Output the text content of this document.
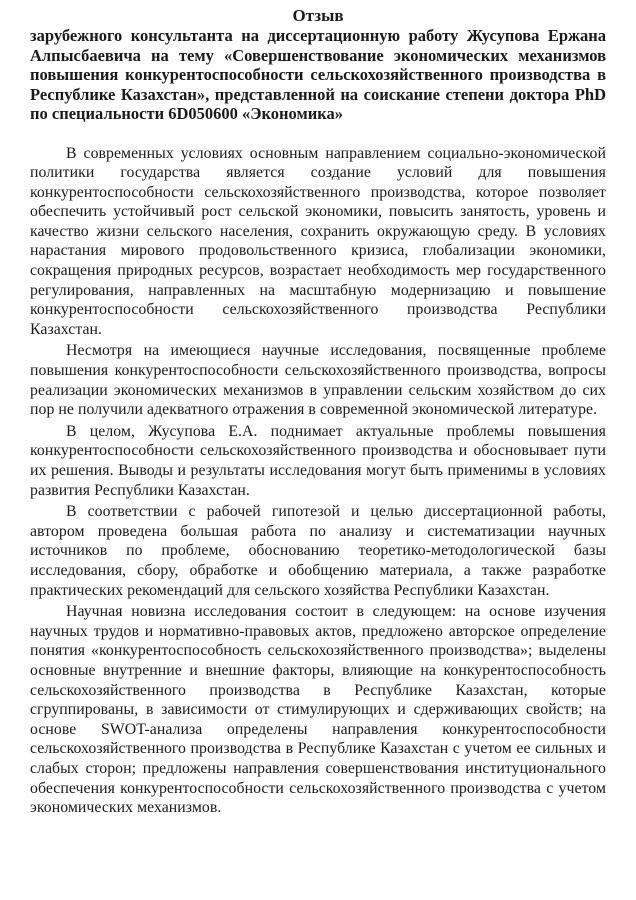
Отзыв
зарубежного консультанта на диссертационную работу Жусупова Ержана Алпысбаевича на тему «Совершенствование экономических механизмов повышения конкурентоспособности сельскохозяйственного производства в Республике Казахстан», представленной на соискание степени доктора PhD по специальности 6D050600 «Экономика»

В современных условиях основным направлением социально-экономической политики государства является создание условий для повышения конкурентоспособности сельскохозяйственного производства, которое позволяет обеспечить устойчивый рост сельской экономики, повысить занятость, уровень и качество жизни сельского населения, сохранить окружающую среду. В условиях нарастания мирового продовольственного кризиса, глобализации экономики, сокращения природных ресурсов, возрастает необходимость мер государственного регулирования, направленных на масштабную модернизацию и повышение конкурентоспособности сельскохозяйственного производства Республики Казахстан.

Несмотря на имеющиеся научные исследования, посвященные проблеме повышения конкурентоспособности сельскохозяйственного производства, вопросы реализации экономических механизмов в управлении сельским хозяйством до сих пор не получили адекватного отражения в современной экономической литературе.

В целом, Жусупова Е.А. поднимает актуальные проблемы повышения конкурентоспособности сельскохозяйственного производства и обосновывает пути их решения. Выводы и результаты исследования могут быть применимы в условиях развития Республики Казахстан.

В соответствии с рабочей гипотезой и целью диссертационной работы, автором проведена большая работа по анализу и систематизации научных источников по проблеме, обоснованию теоретико-методологической базы исследования, сбору, обработке и обобщению материала, а также разработке практических рекомендаций для сельского хозяйства Республики Казахстан.

Научная новизна исследования состоит в следующем: на основе изучения научных трудов и нормативно-правовых актов, предложено авторское определение понятия «конкурентоспособность сельскохозяйственного производства»; выделены основные внутренние и внешние факторы, влияющие на конкурентоспособность сельскохозяйственного производства в Республике Казахстан, которые сгруппированы, в зависимости от стимулирующих и сдерживающих свойств; на основе SWOT-анализа определены направления конкурентоспособности сельскохозяйственного производства в Республике Казахстан с учетом ее сильных и слабых сторон; предложены направления совершенствования институционального обеспечения конкурентоспособности сельскохозяйственного производства с учетом экономических механизмов.
